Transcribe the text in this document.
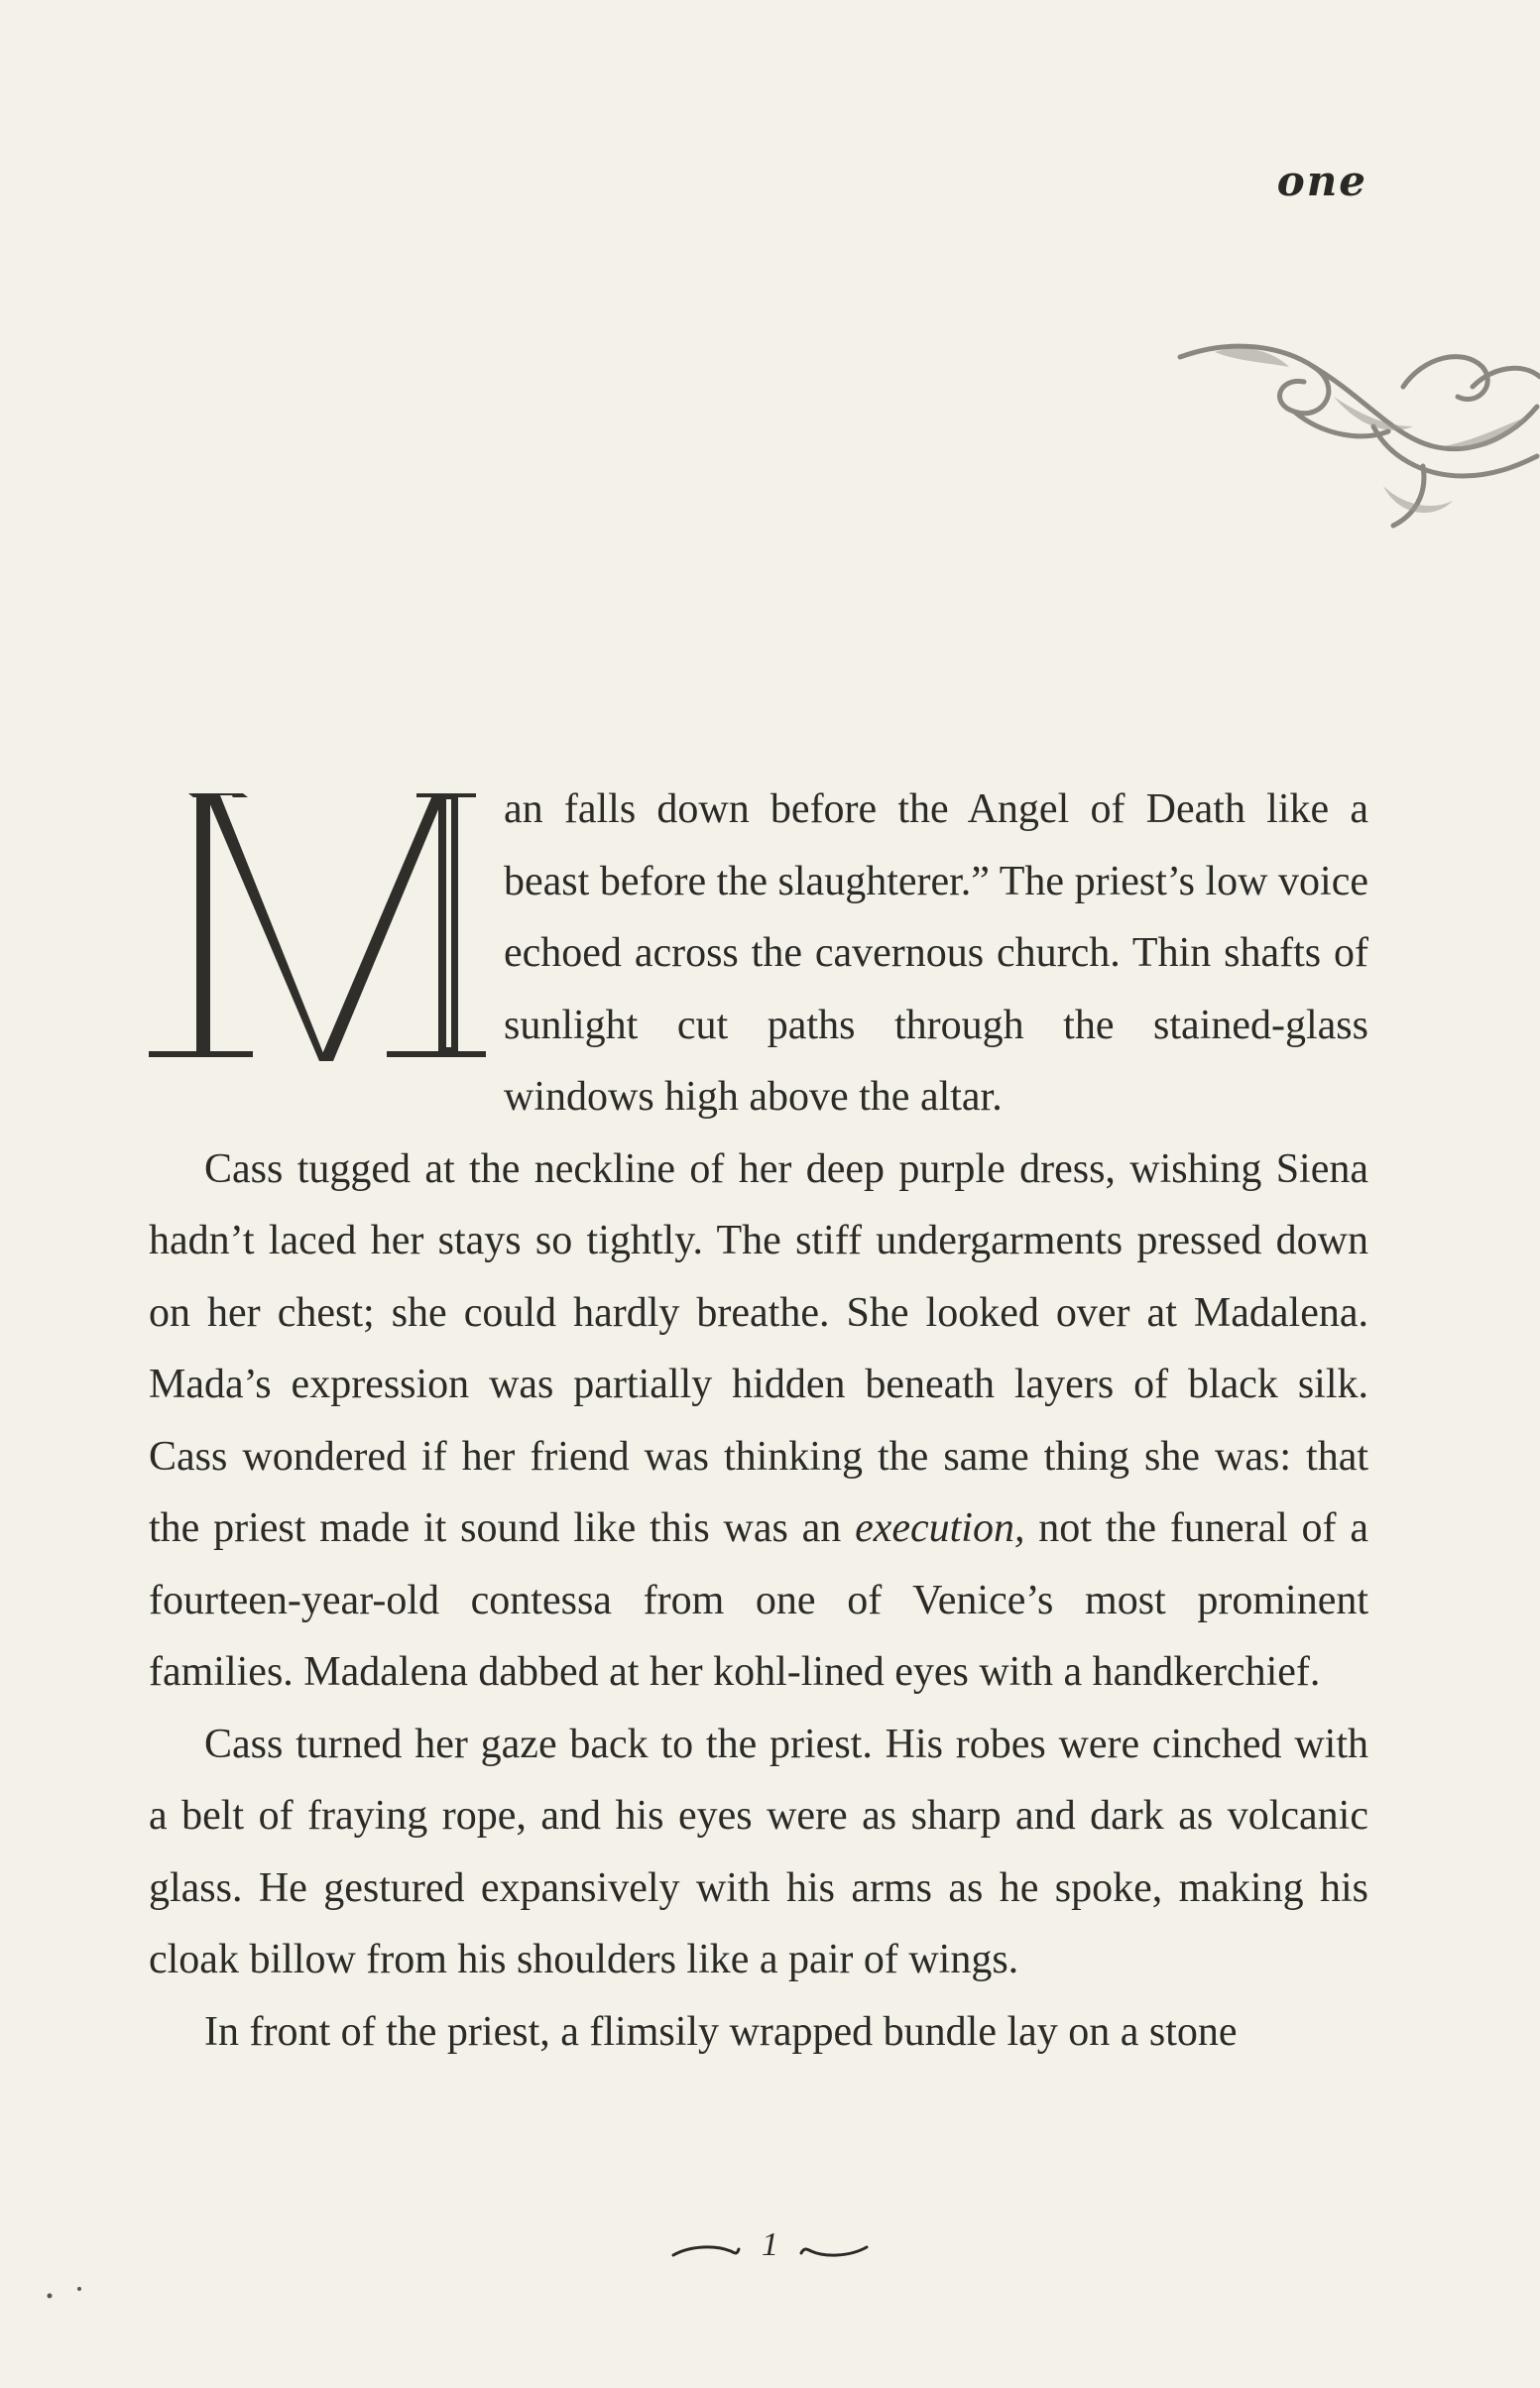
one

an falls down before the Angel of Death like a beast before the slaughterer.” The priest’s low voice echoed across the cavernous church. Thin shafts of sunlight cut paths through the stained-glass windows high above the altar.

Cass tugged at the neckline of her deep purple dress, wishing Siena hadn’t laced her stays so tightly. The stiff undergarments pressed down on her chest; she could hardly breathe. She looked over at Madalena. Mada’s expression was partially hidden beneath layers of black silk. Cass wondered if her friend was thinking the same thing she was: that the priest made it sound like this was an execution, not the funeral of a fourteen-year-old contessa from one of Venice’s most prominent families. Madalena dabbed at her kohl-lined eyes with a handkerchief.

Cass turned her gaze back to the priest. His robes were cinched with a belt of fraying rope, and his eyes were as sharp and dark as volcanic glass. He gestured expansively with his arms as he spoke, making his cloak billow from his shoulders like a pair of wings.

In front of the priest, a flimsily wrapped bundle lay on a stone

1
